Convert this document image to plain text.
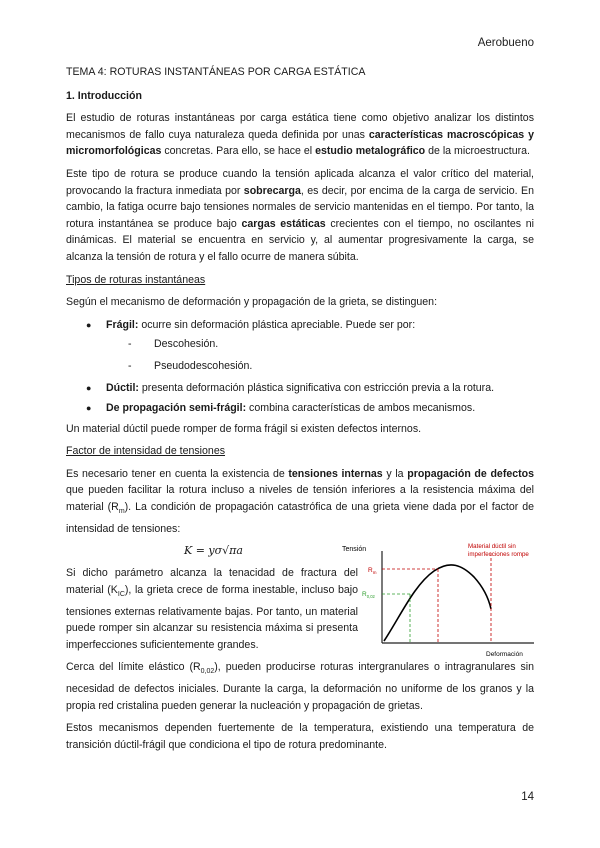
Aerobueno
TEMA 4: ROTURAS INSTANTÁNEAS POR CARGA ESTÁTICA
1. Introducción

El estudio de roturas instantáneas por carga estática tiene como objetivo analizar los distintos mecanismos de fallo cuya naturaleza queda definida por unas características macroscópicas y micromorfológicas concretas. Para ello, se hace el estudio metalográfico de la microestructura.

Este tipo de rotura se produce cuando la tensión aplicada alcanza el valor crítico del material, provocando la fractura inmediata por sobrecarga, es decir, por encima de la carga de servicio. En cambio, la fatiga ocurre bajo tensiones normales de servicio mantenidas en el tiempo. Por tanto, la rotura instantánea se produce bajo cargas estáticas crecientes con el tiempo, no oscilantes ni dinámicas. El material se encuentra en servicio y, al aumentar progresivamente la carga, se alcanza la tensión de rotura y el fallo ocurre de manera súbita.

Tipos de roturas instantáneas

Según el mecanismo de deformación y propagación de la grieta, se distinguen:

● Frágil: ocurre sin deformación plástica apreciable. Puede ser por:
- Descohesión.
- Pseudodescohesión.
● Dúctil: presenta deformación plástica significativa con estricción previa a la rotura.
● De propagación semi-frágil: combina características de ambos mecanismos.

Un material dúctil puede romper de forma frágil si existen defectos internos.

Factor de intensidad de tensiones

Es necesario tener en cuenta la existencia de tensiones internas y la propagación de defectos que pueden facilitar la rotura incluso a niveles de tensión inferiores a la resistencia máxima del material $(R_m)$. La condición de propagación catastrófica de una grieta viene dada por el factor de intensidad de tensiones:

K = yσ√πa

Si dicho parámetro alcanza la tenacidad de fractura del material $(K_{IC})$, la grieta crece de forma inestable, incluso bajo tensiones externas relativamente bajas. Por tanto, un material puede romper sin alcanzar su resistencia máxima si presenta imperfecciones suficientemente grandes.

Tensión
Deformación
$R_m$
$R_{0,02}$
Material dúctil sin
imperfecciones rompe

Cerca del límite elástico $(R_{0,02})$, pueden producirse roturas intergranulares o intragranulares sin necesidad de defectos iniciales. Durante la carga, la deformación no uniforme de los granos y la propia red cristalina pueden generar la nucleación y propagación de grietas.

Estos mecanismos dependen fuertemente de la temperatura, existiendo una temperatura de transición dúctil-frágil que condiciona el tipo de rotura predominante.

14
